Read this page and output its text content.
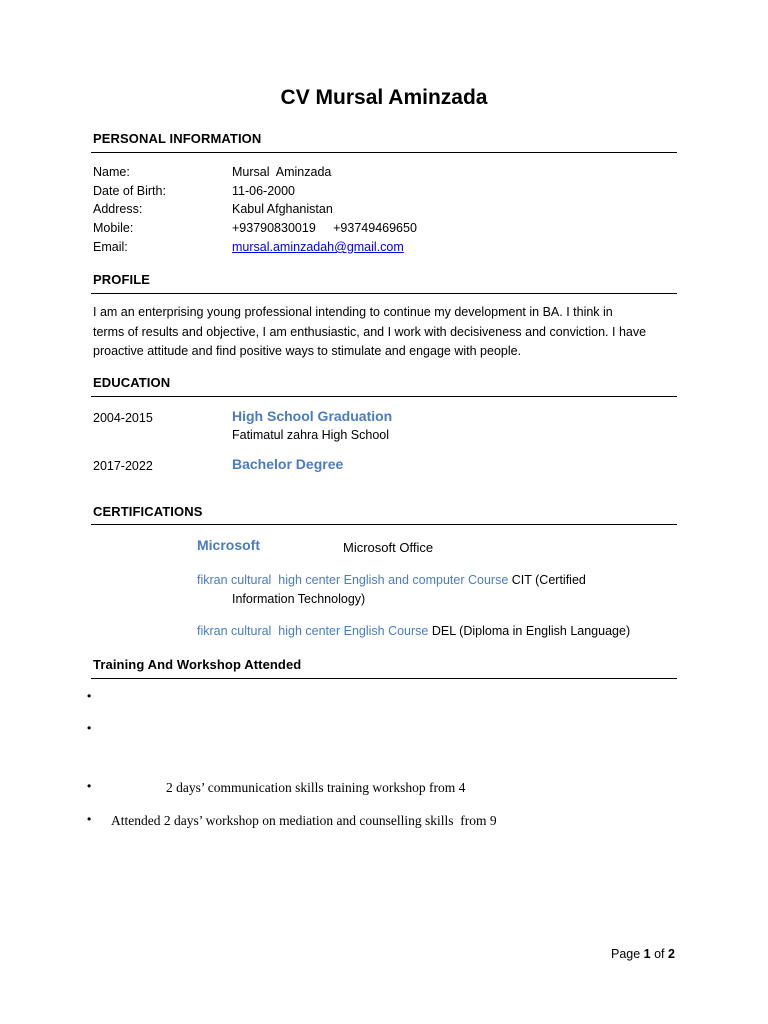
CV Mursal Aminzada
PERSONAL INFORMATION
Name:	Mursal  Aminzada
Date of Birth:	11-06-2000
Address:	Kabul Afghanistan
Mobile:	+93790830019     +93749469650
Email:	mursal.aminzadah@gmail.com
PROFILE
I am an enterprising young professional intending to continue my development in BA. I think in
terms of results and objective, I am enthusiastic, and I work with decisiveness and conviction. I have
proactive attitude and find positive ways to stimulate and engage with people.
EDUCATION
2004-2015	High School Graduation
Fatimatul zahra High School
2017-2022	Bachelor Degree
CERTIFICATIONS
Microsoft	Microsoft Office
fikran cultural  high center English and computer Course CIT (Certified
Information Technology)
fikran cultural  high center English Course DEL (Diploma in English Language)
Training And Workshop Attended
•
•
•	2 days’ communication skills training workshop from 4
• Attended 2 days’ workshop on mediation and counselling skills  from 9
Page 1 of 2
